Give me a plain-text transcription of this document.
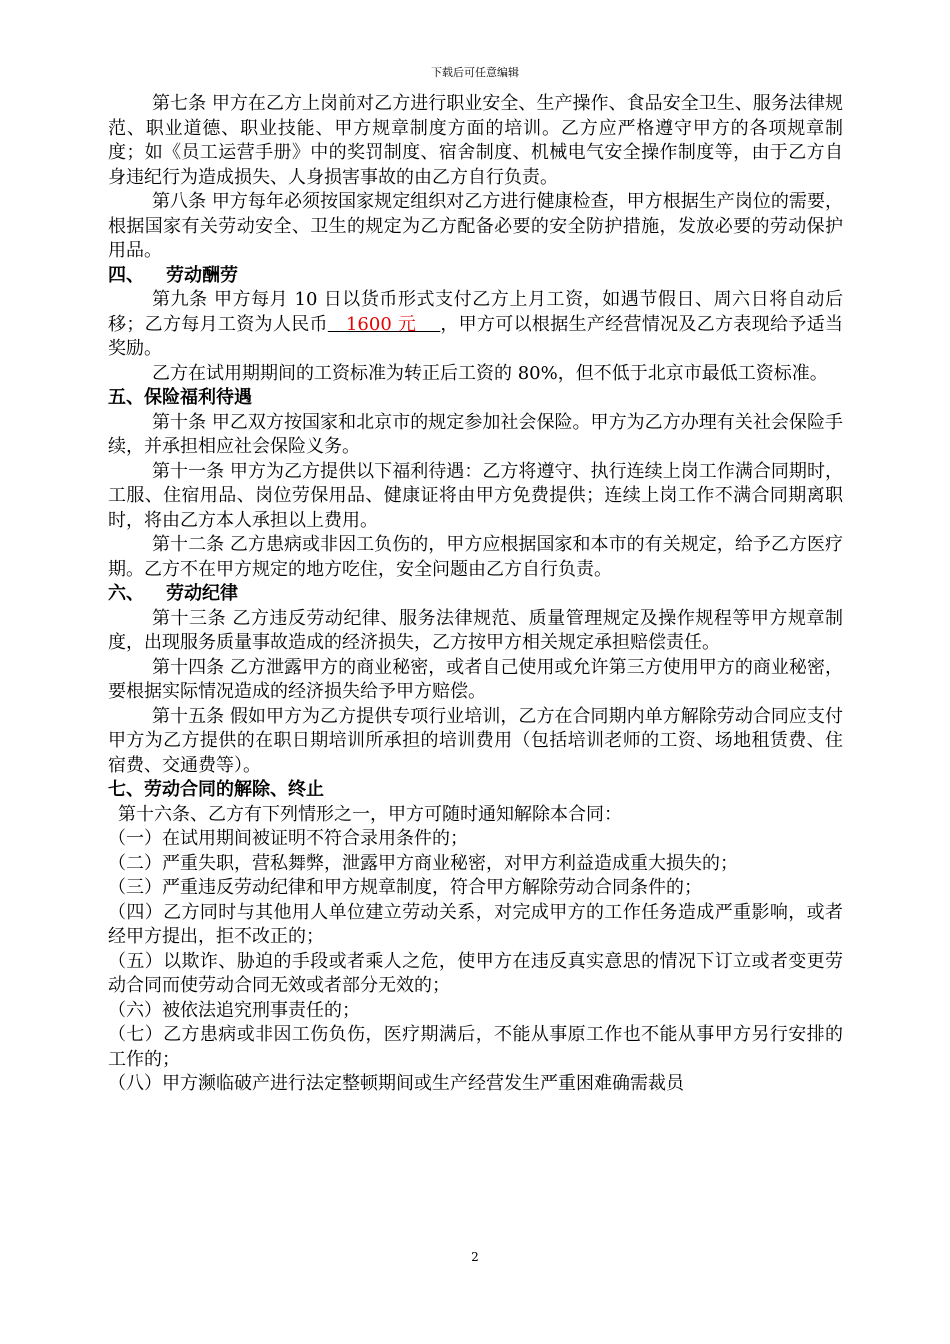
下载后可任意编辑

第七条 甲方在乙方上岗前对乙方进行职业安全、生产操作、食品安全卫生、服务法律规范、职业道德、职业技能、甲方规章制度方面的培训。乙方应严格遵守甲方的各项规章制度；如《员工运营手册》中的奖罚制度、宿舍制度、机械电气安全操作制度等，由于乙方自身违纪行为造成损失、人身损害事故的由乙方自行负责。

第八条 甲方每年必须按国家规定组织对乙方进行健康检查，甲方根据生产岗位的需要，根据国家有关劳动安全、卫生的规定为乙方配备必要的安全防护措施，发放必要的劳动保护用品。

四、 劳动酬劳

第九条 甲方每月 10 日以货币形式支付乙方上月工资，如遇节假日、周六日将自动后移；乙方每月工资为人民币   1600 元    ，甲方可以根据生产经营情况及乙方表现给予适当奖励。

乙方在试用期期间的工资标准为转正后工资的 80%，但不低于北京市最低工资标准。

五、保险福利待遇

第十条 甲乙双方按国家和北京市的规定参加社会保险。甲方为乙方办理有关社会保险手续，并承担相应社会保险义务。

第十一条 甲方为乙方提供以下福利待遇：乙方将遵守、执行连续上岗工作满合同期时，工服、住宿用品、岗位劳保用品、健康证将由甲方免费提供；连续上岗工作不满合同期离职时，将由乙方本人承担以上费用。

第十二条 乙方患病或非因工负伤的，甲方应根据国家和本市的有关规定，给予乙方医疗期。乙方不在甲方规定的地方吃住，安全问题由乙方自行负责。

六、 劳动纪律

第十三条 乙方违反劳动纪律、服务法律规范、质量管理规定及操作规程等甲方规章制度，出现服务质量事故造成的经济损失，乙方按甲方相关规定承担赔偿责任。

第十四条 乙方泄露甲方的商业秘密，或者自己使用或允许第三方使用甲方的商业秘密，要根据实际情况造成的经济损失给予甲方赔偿。

第十五条 假如甲方为乙方提供专项行业培训，乙方在合同期内单方解除劳动合同应支付甲方为乙方提供的在职日期培训所承担的培训费用（包括培训老师的工资、场地租赁费、住宿费、交通费等）。

七、劳动合同的解除、终止

第十六条、乙方有下列情形之一，甲方可随时通知解除本合同：

（一）在试用期间被证明不符合录用条件的；

（二）严重失职，营私舞弊，泄露甲方商业秘密，对甲方利益造成重大损失的；

（三）严重违反劳动纪律和甲方规章制度，符合甲方解除劳动合同条件的；

（四）乙方同时与其他用人单位建立劳动关系，对完成甲方的工作任务造成严重影响，或者经甲方提出，拒不改正的；

（五）以欺诈、胁迫的手段或者乘人之危，使甲方在违反真实意思的情况下订立或者变更劳动合同而使劳动合同无效或者部分无效的；

（六）被依法追究刑事责任的；

（七）乙方患病或非因工伤负伤，医疗期满后，不能从事原工作也不能从事甲方另行安排的工作的；

（八）甲方濒临破产进行法定整顿期间或生产经营发生严重困难确需裁员

2
